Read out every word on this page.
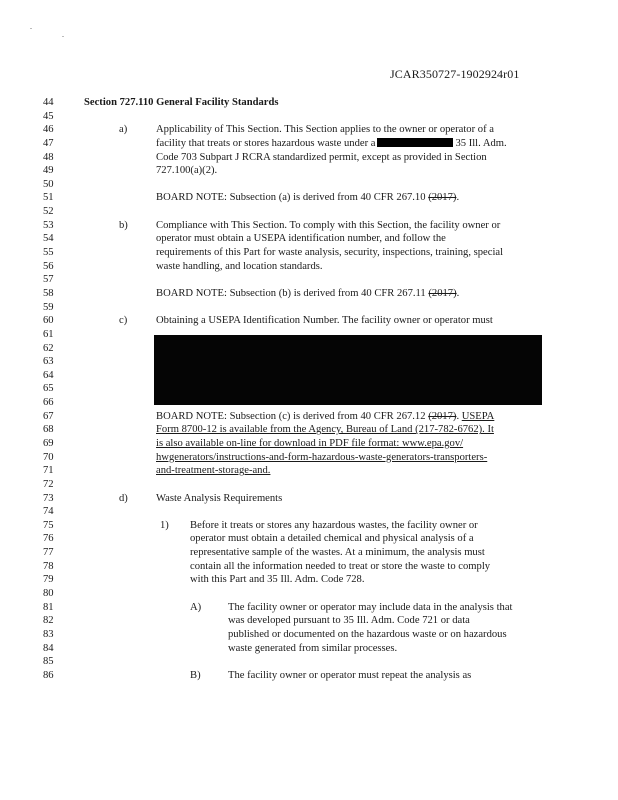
JCAR350727-1902924r01
44	Section 727.110 General Facility Standards
45
46	a)	Applicability of This Section. This Section applies to the owner or operator of a
47	facility that treats or stores hazardous waste under a	35 Ill. Adm.
48	Code 703 Subpart J RCRA standardized permit, except as provided in Section
49	727.100(a)(2).
50
51	BOARD NOTE: Subsection (a) is derived from 40 CFR 267.10 (2017).
52
53	b)	Compliance with This Section. To comply with this Section, the facility owner or
54	operator must obtain a USEPA identification number, and follow the
55	requirements of this Part for waste analysis, security, inspections, training, special
56	waste handling, and location standards.
57
58	BOARD NOTE: Subsection (b) is derived from 40 CFR 267.11 (2017).
59
60	c)	Obtaining a USEPA Identification Number. The facility owner or operator must
61
62
63
64
65
66
67	BOARD NOTE: Subsection (c) is derived from 40 CFR 267.12 (2017). USEPA
68	Form 8700-12 is available from the Agency, Bureau of Land (217-782-6762). It
69	is also available on-line for download in PDF file format: www.epa.gov/
70	hwgenerators/instructions-and-form-hazardous-waste-generators-transporters-
71	and-treatment-storage-and.
72
73	d)	Waste Analysis Requirements
74
75	1) Before it treats or stores any hazardous wastes, the facility owner or
76	operator must obtain a detailed chemical and physical analysis of a
77	representative sample of the wastes. At a minimum, the analysis must
78	contain all the information needed to treat or store the waste to comply
79	with this Part and 35 Ill. Adm. Code 728.
80
81	A)	The facility owner or operator may include data in the analysis that
82	was developed pursuant to 35 Ill. Adm. Code 721 or data
83	published or documented on the hazardous waste or on hazardous
84	waste generated from similar processes.
85
86	B)	The facility owner or operator must repeat the analysis as
